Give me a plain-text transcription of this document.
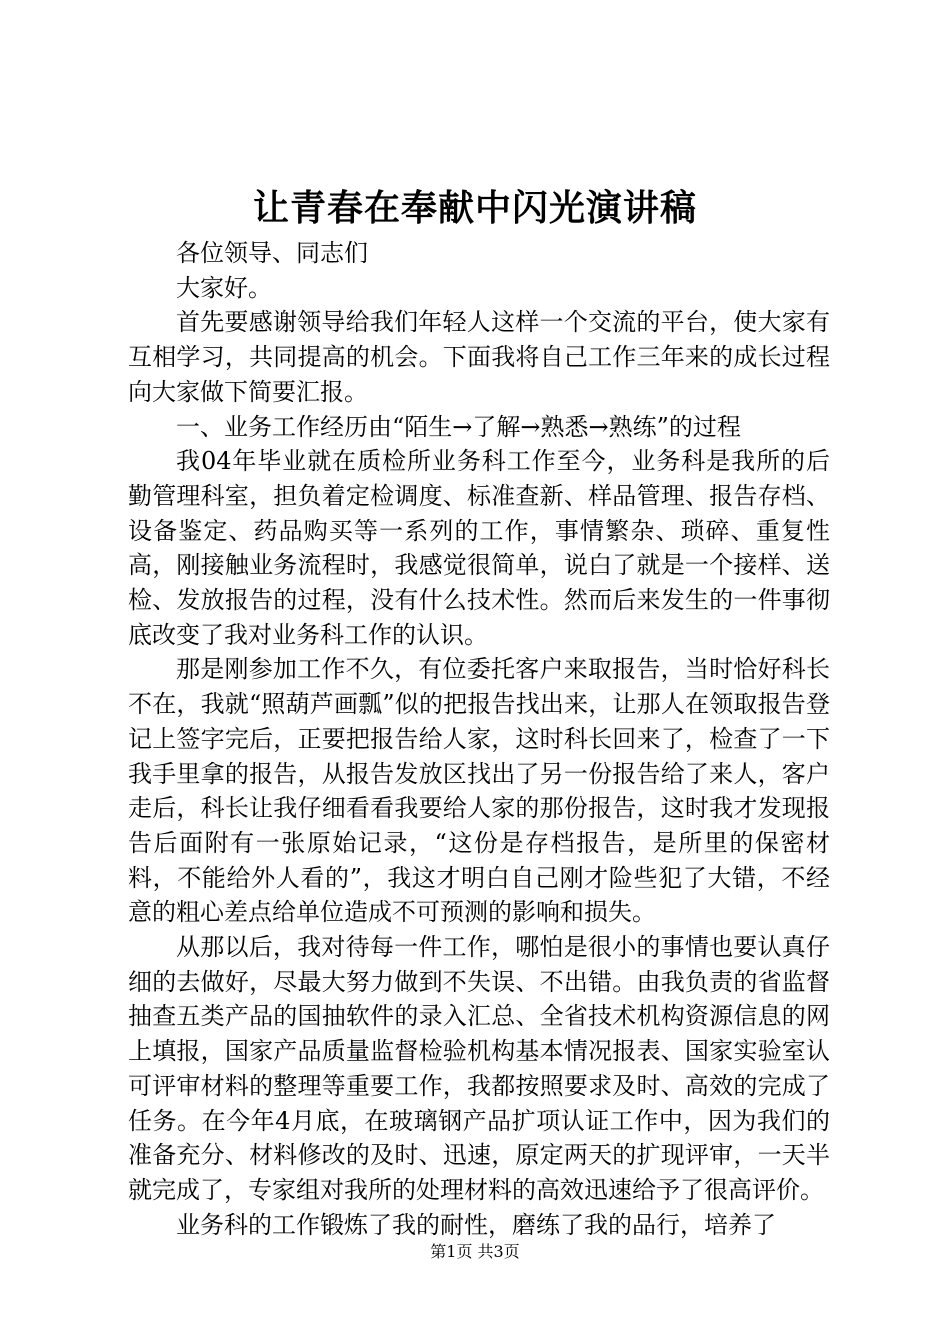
让青春在奉献中闪光演讲稿

各位领导、同志们

大家好。

首先要感谢领导给我们年轻人这样一个交流的平台，使大家有互相学习，共同提高的机会。下面我将自己工作三年来的成长过程向大家做下简要汇报。

一、业务工作经历由“陌生→了解→熟悉→熟练”的过程

我04年毕业就在质检所业务科工作至今，业务科是我所的后勤管理科室，担负着定检调度、标准查新、样品管理、报告存档、设备鉴定、药品购买等一系列的工作，事情繁杂、琐碎、重复性高，刚接触业务流程时，我感觉很简单，说白了就是一个接样、送检、发放报告的过程，没有什么技术性。然而后来发生的一件事彻底改变了我对业务科工作的认识。

那是刚参加工作不久，有位委托客户来取报告，当时恰好科长不在，我就“照葫芦画瓢”似的把报告找出来，让那人在领取报告登记上签字完后，正要把报告给人家，这时科长回来了，检查了一下我手里拿的报告，从报告发放区找出了另一份报告给了来人，客户走后，科长让我仔细看看我要给人家的那份报告，这时我才发现报告后面附有一张原始记录，“这份是存档报告，是所里的保密材料，不能给外人看的”，我这才明白自己刚才险些犯了大错，不经意的粗心差点给单位造成不可预测的影响和损失。

从那以后，我对待每一件工作，哪怕是很小的事情也要认真仔细的去做好，尽最大努力做到不失误、不出错。由我负责的省监督抽查五类产品的国抽软件的录入汇总、全省技术机构资源信息的网上填报，国家产品质量监督检验机构基本情况报表、国家实验室认可评审材料的整理等重要工作，我都按照要求及时、高效的完成了任务。在今年4月底，在玻璃钢产品扩项认证工作中，因为我们的准备充分、材料修改的及时、迅速，原定两天的扩现评审，一天半就完成了，专家组对我所的处理材料的高效迅速给予了很高评价。

业务科的工作锻炼了我的耐性，磨练了我的品行，培养了

第1页 共3页
